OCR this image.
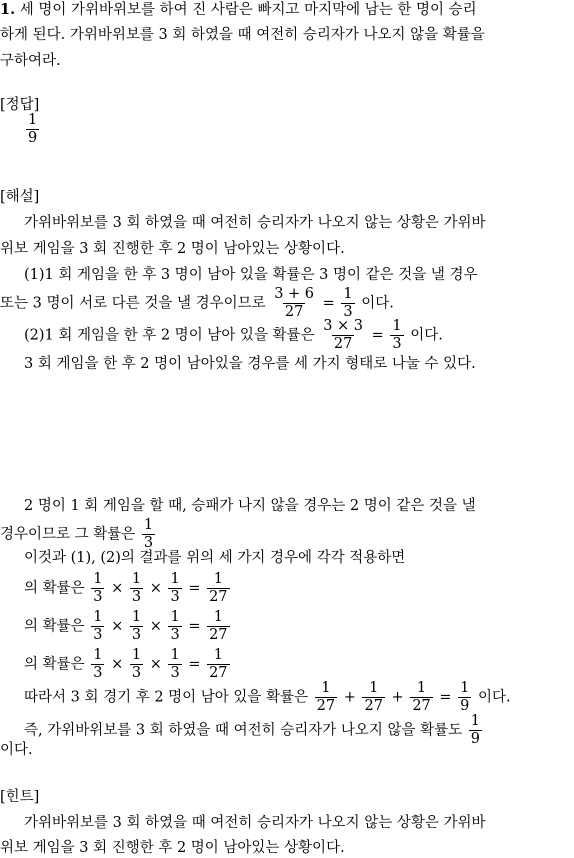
1. 세 명이 가위바위보를 하여 진 사람은 빠지고 마지막에 남는 한 명이 승리
하게 된다. 가위바위보를 3 회 하였을 때 여전히 승리자가 나오지 않을 확률을
구하여라.
[정답]
$\frac{1}{9}$
[해설]
가위바위보를 3 회 하였을 때 여전히 승리자가 나오지 않는 상황은 가위바
위보 게임을 3 회 진행한 후 2 명이 남아있는 상황이다.
(1)1 회 게임을 한 후 3 명이 남아 있을 확률은 3 명이 같은 것을 낼 경우
또는 3 명이 서로 다른 것을 낼 경우이므로 $\frac{3 + 6}{27} = \frac{1}{3}$ 이다.
(2)1 회 게임을 한 후 2 명이 남아 있을 확률은 $\frac{3 \times 3}{27} = \frac{1}{3}$ 이다.
3 회 게임을 한 후 2 명이 남아있을 경우를 세 가지 형태로 나눌 수 있다.
2 명이 1 회 게임을 할 때, 승패가 나지 않을 경우는 2 명이 같은 것을 낼
경우이므로 그 확률은 $\frac{1}{3}$
이것과 (1), (2)의 결과를 위의 세 가지 경우에 각각 적용하면
의 확률은 $\frac{1}{3} \times \frac{1}{3} \times \frac{1}{3} = \frac{1}{27}$
의 확률은 $\frac{1}{3} \times \frac{1}{3} \times \frac{1}{3} = \frac{1}{27}$
의 확률은 $\frac{1}{3} \times \frac{1}{3} \times \frac{1}{3} = \frac{1}{27}$
따라서 3 회 경기 후 2 명이 남아 있을 확률은 $\frac{1}{27} + \frac{1}{27} + \frac{1}{27} = \frac{1}{9}$ 이다.
즉, 가위바위보를 3 회 하였을 때 여전히 승리자가 나오지 않을 확률도 $\frac{1}{9}$
이다.
[힌트]
가위바위보를 3 회 하였을 때 여전히 승리자가 나오지 않는 상황은 가위바
위보 게임을 3 회 진행한 후 2 명이 남아있는 상황이다.
